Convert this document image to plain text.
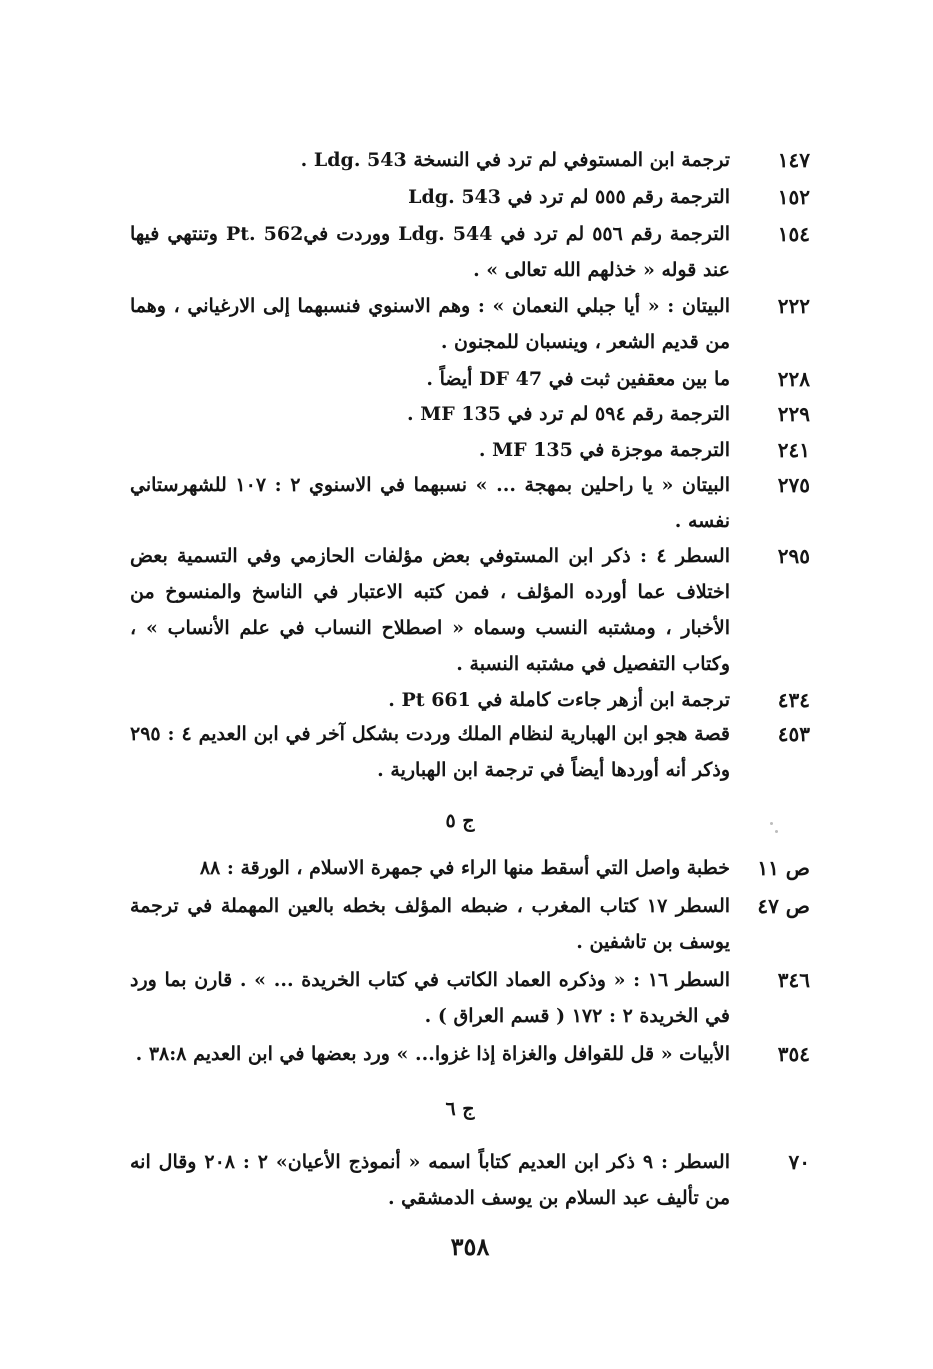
١٤٧
ترجمة ابن المستوفي لم ترد في النسخة Ldg. 543 .
١٥٢
الترجمة رقم ٥٥٥ لم ترد في Ldg. 543
١٥٤
الترجمة رقم ٥٥٦ لم ترد في Ldg. 544 ووردت فيPt. 562 وتنتهي فيها عند قوله « خذلهم الله تعالى » .
٢٢٢
البيتان : « أيا جبلي النعمان » : وهم الاسنوي فنسبهما إلى الارغياني ، وهما من قديم الشعر ، وينسبان للمجنون .
٢٢٨
ما بين معقفين ثبت في DF 47 أيضاً .
٢٢٩
الترجمة رقم ٥٩٤ لم ترد في MF 135 .
٢٤١
الترجمة موجزة في MF 135 .
٢٧٥
البيتان « يا راحلين بمهجة ... » نسبهما في الاسنوي ٢ : ١٠٧ للشهرستاني نفسه .
٢٩٥
السطر ٤ : ذكر ابن المستوفي بعض مؤلفات الحازمي وفي التسمية بعض اختلاف عما أورده المؤلف ، فمن كتبه الاعتبار في الناسخ والمنسوخ من الأخبار ، ومشتبه النسب وسماه « اصطلاح النساب في علم الأنساب » ، وكتاب التفصيل في مشتبه النسبة .
٤٣٤
ترجمة ابن أزهر جاءت كاملة في Pt 661 .
٤٥٣
قصة هجو ابن الهبارية لنظام الملك وردت بشكل آخر في ابن العديم ٤ : ٢٩٥ وذكر أنه أوردها أيضاً في ترجمة ابن الهبارية .
ج ٥
ص ١١
خطبة واصل التي أسقط منها الراء في جمهرة الاسلام ، الورقة : ٨٨
ص ٤٧
السطر ١٧ كتاب المغرب ، ضبطه المؤلف بخطه بالعين المهملة في ترجمة يوسف بن تاشفين .
٣٤٦
السطر ١٦ : « وذكره العماد الكاتب في كتاب الخريدة ... » . قارن بما ورد في الخريدة ٢ : ١٧٢ ( قسم العراق ) .
٣٥٤
الأبيات « قل للقوافل والغزاة إذا غزوا... » ورد بعضها في ابن العديم ٣٨:٨ .
ج ٦
٧٠
السطر : ٩ ذكر ابن العديم كتاباً اسمه « أنموذج الأعيان» ٢ : ٢٠٨ وقال انه من تأليف عبد السلام بن يوسف الدمشقي .
٣٥٨
